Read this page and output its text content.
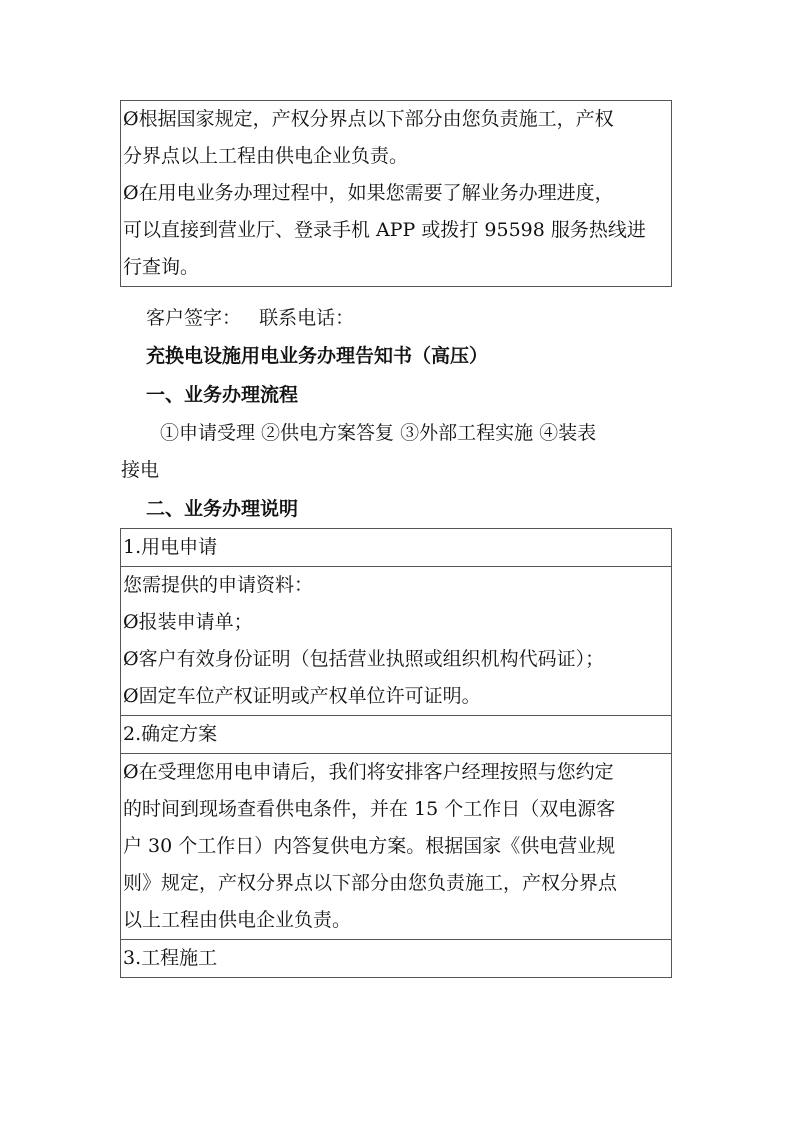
Ø根据国家规定，产权分界点以下部分由您负责施工，产权
分界点以上工程由供电企业负责。
Ø在用电业务办理过程中，如果您需要了解业务办理进度，
可以直接到营业厅、登录手机 APP 或拨打 95598 服务热线进
行查询。
客户签字：   联系电话：
充换电设施用电业务办理告知书（高压）
一、业务办理流程
①申请受理 ②供电方案答复 ③外部工程实施 ④装表
接电
二、业务办理说明
1.用电申请
您需提供的申请资料：
Ø报装申请单；
Ø客户有效身份证明（包括营业执照或组织机构代码证）；
Ø固定车位产权证明或产权单位许可证明。
2.确定方案
Ø在受理您用电申请后，我们将安排客户经理按照与您约定
的时间到现场查看供电条件，并在 15 个工作日（双电源客
户 30 个工作日）内答复供电方案。根据国家《供电营业规
则》规定，产权分界点以下部分由您负责施工，产权分界点
以上工程由供电企业负责。
3.工程施工
